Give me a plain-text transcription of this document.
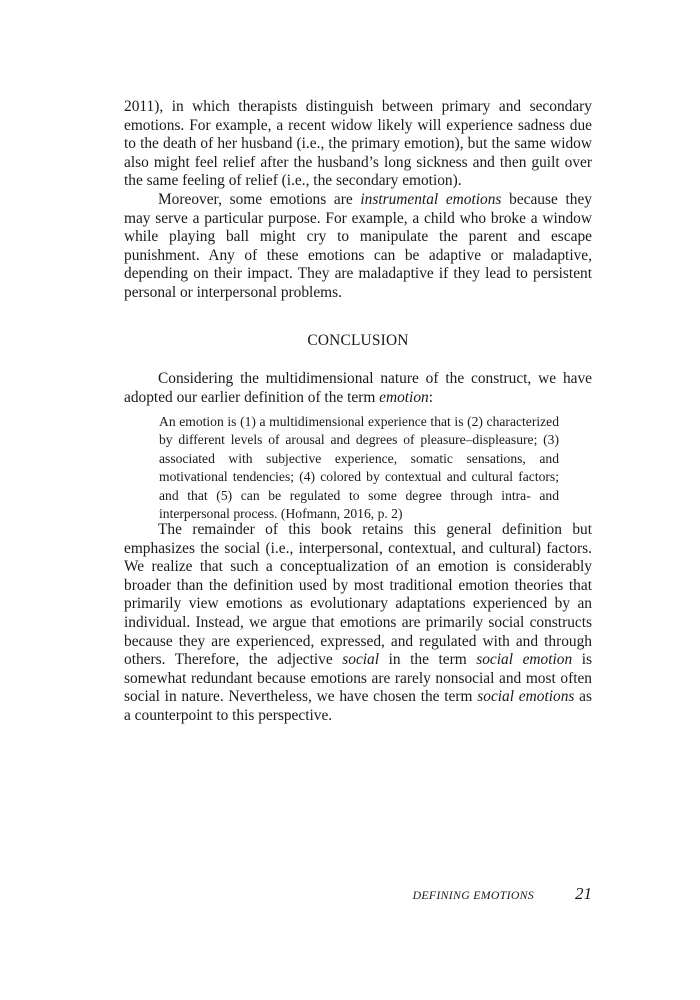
2011), in which therapists distinguish between primary and secondary emotions. For example, a recent widow likely will experience sadness due to the death of her husband (i.e., the primary emotion), but the same widow also might feel relief after the husband’s long sickness and then guilt over the same feeling of relief (i.e., the secondary emotion).

Moreover, some emotions are instrumental emotions because they may serve a particular purpose. For example, a child who broke a window while playing ball might cry to manipulate the parent and escape punishment. Any of these emotions can be adaptive or maladaptive, depending on their impact. They are maladaptive if they lead to persistent personal or interpersonal problems.

CONCLUSION

Considering the multidimensional nature of the construct, we have adopted our earlier definition of the term emotion:

An emotion is (1) a multidimensional experience that is (2) characterized by different levels of arousal and degrees of pleasure–displeasure; (3) associated with subjective experience, somatic sensations, and motivational tendencies; (4) colored by contextual and cultural factors; and that (5) can be regulated to some degree through intra- and interpersonal process. (Hofmann, 2016, p. 2)

The remainder of this book retains this general definition but emphasizes the social (i.e., interpersonal, contextual, and cultural) factors. We realize that such a conceptualization of an emotion is considerably broader than the definition used by most traditional emotion theories that primarily view emotions as evolutionary adaptations experienced by an individual. Instead, we argue that emotions are primarily social constructs because they are experienced, expressed, and regulated with and through others. Therefore, the adjective social in the term social emotion is somewhat redundant because emotions are rarely nonsocial and most often social in nature. Nevertheless, we have chosen the term social emotions as a counterpoint to this perspective.

DEFINING EMOTIONS 21
